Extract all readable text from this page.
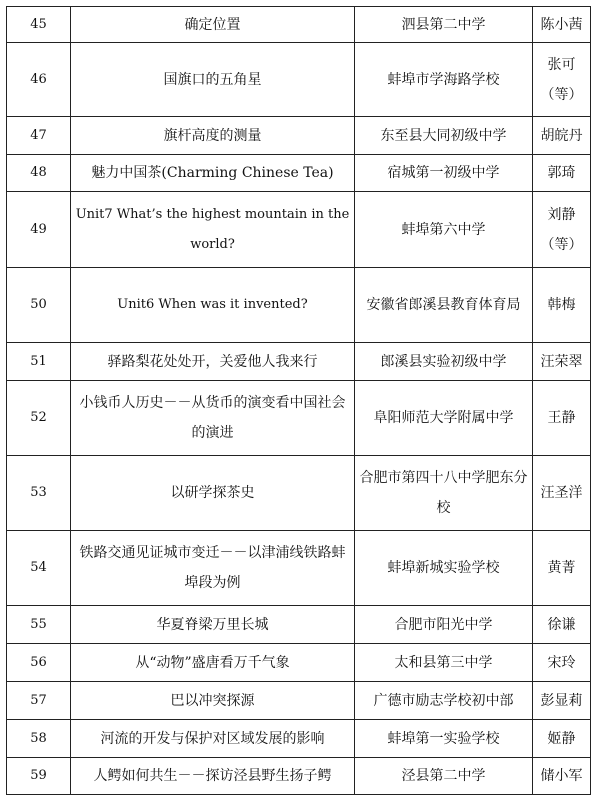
45	确定位置	泗县第二中学	陈小茜
46	国旗口的五角星	蚌埠市学海路学校	张可（等）
47	旗杆高度的测量	东至县大同初级中学	胡皖丹
48	魅力中国茶(Charming Chinese Tea)	宿城第一初级中学	郭琦
49	Unit7 What’s the highest mountain in theworld?	蚌埠第六中学	刘静（等）
50	Unit6 When was it invented?	安徽省郎溪县教育体育局	韩梅
51	驿路梨花处处开，关爱他人我来行	郎溪县实验初级中学	汪荣翠
52	小钱币人历史－－从货币的演变看中国社会的演进	阜阳师范大学附属中学	王静
53	以研学探茶史	合肥市第四十八中学肥东分校	汪圣洋
54	铁路交通见证城市变迁－－以津浦线铁路蚌埠段为例	蚌埠新城实验学校	黄菁
55	华夏脊梁万里长城	合肥市阳光中学	徐谦
56	从“动物”盛唐看万千气象	太和县第三中学	宋玲
57	巴以冲突探源	广德市励志学校初中部	彭显莉
58	河流的开发与保护对区域发展的影响	蚌埠第一实验学校	姬静
59	人鳄如何共生－－探访泾县野生扬子鳄	泾县第二中学	储小军
